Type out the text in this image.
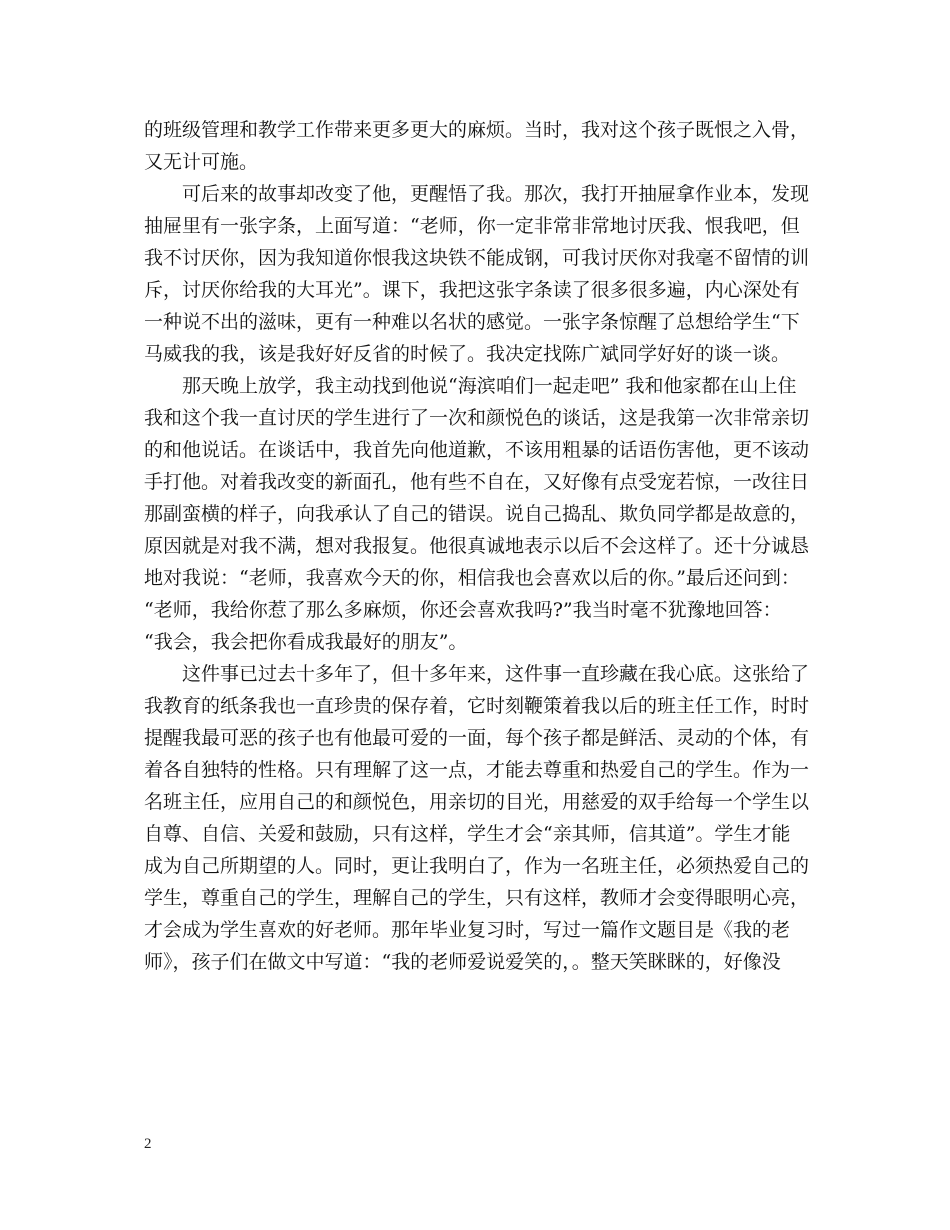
的班级管理和教学工作带来更多更大的麻烦。当时，我对这个孩子既恨之入骨，
又无计可施。
可后来的故事却改变了他，更醒悟了我。那次，我打开抽屉拿作业本，发现
抽屉里有一张字条，上面写道：“老师，你一定非常非常地讨厌我、恨我吧，但
我不讨厌你，因为我知道你恨我这块铁不能成钢，可我讨厌你对我毫不留情的训
斥，讨厌你给我的大耳光”。课下，我把这张字条读了很多很多遍，内心深处有
一种说不出的滋味，更有一种难以名状的感觉。一张字条惊醒了总想给学生“下
马威我的我，该是我好好反省的时候了。我决定找陈广斌同学好好的谈一谈。
那天晚上放学，我主动找到他说“海滨咱们一起走吧” 我和他家都在山上住
我和这个我一直讨厌的学生进行了一次和颜悦色的谈话，这是我第一次非常亲切
的和他说话。在谈话中，我首先向他道歉，不该用粗暴的话语伤害他，更不该动
手打他。对着我改变的新面孔，他有些不自在，又好像有点受宠若惊，一改往日
那副蛮横的样子，向我承认了自己的错误。说自己捣乱、欺负同学都是故意的，
原因就是对我不满，想对我报复。他很真诚地表示以后不会这样了。还十分诚恳
地对我说：“老师，我喜欢今天的你，相信我也会喜欢以后的你。”最后还问到：
“老师，我给你惹了那么多麻烦，你还会喜欢我吗?”我当时毫不犹豫地回答：
“我会，我会把你看成我最好的朋友”。
这件事已过去十多年了，但十多年来，这件事一直珍藏在我心底。这张给了
我教育的纸条我也一直珍贵的保存着，它时刻鞭策着我以后的班主任工作，时时
提醒我最可恶的孩子也有他最可爱的一面，每个孩子都是鲜活、灵动的个体，有
着各自独特的性格。只有理解了这一点，才能去尊重和热爱自己的学生。作为一
名班主任，应用自己的和颜悦色，用亲切的目光，用慈爱的双手给每一个学生以
自尊、自信、关爱和鼓励，只有这样，学生才会“亲其师，信其道”。学生才能
成为自己所期望的人。同时，更让我明白了，作为一名班主任，必须热爱自己的
学生，尊重自己的学生，理解自己的学生，只有这样，教师才会变得眼明心亮，
才会成为学生喜欢的好老师。那年毕业复习时，写过一篇作文题目是《我的老
师》，孩子们在做文中写道：“我的老师爱说爱笑的，。整天笑眯眯的，好像没
2
